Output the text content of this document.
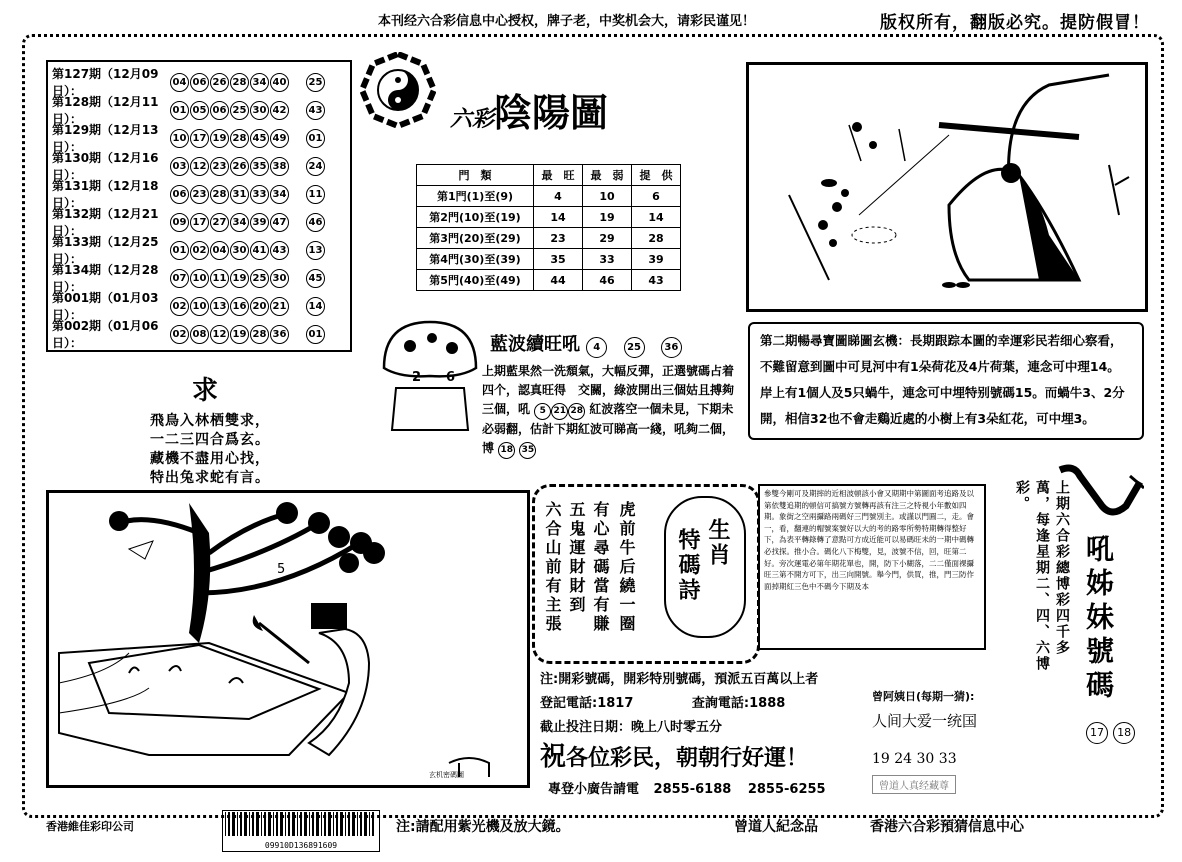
本刊经六合彩信息中心授权，牌子老，中奖机会大，请彩民谨见！	版权所有，翻版必究。提防假冒！
第127期（12月09日）：
04 06 26 28 34 40 25
第128期（12月11日）：
01 05 06 25 30 42 43
第129期（12月13日）：
10 17 19 28 45 49 01
第130期（12月16日）：
03 12 23 26 35 38 24
第131期（12月18日）：
06 23 28 31 33 34 11
第132期（12月21日）：
09 17 27 34 39 47 46
第133期（12月25日）：
01 02 04 30 41 43 13
第134期（12月28日）：
07 10 11 19 25 30 45
第001期（01月03日）：
02 10 13 16 20 21 14
第002期（01月06日）：
02 08 12 19 28 36 01
六彩陰陽圖
門　類	最　旺	最　弱	提　供
第1門(1)至(9)	4	10	6
第2門(10)至(19)	14	19	14
第3門(20)至(29)	23	29	28
第4門(30)至(39)	35	33	39
第5門(40)至(49)	44	46	43
2 6
藍波續旺吼 4	25 36
上期藍果然一洗頹氣，大幅反彈，正選號碼占着四个，認真旺得　交關，綠波開出三個姑且搏夠三個，吼 5 21 28 紅波落空一個未見，下期未必弱翻，估計下期紅波可睇高一綫，吼夠二個，博 18 35
第二期暢尋寶圖睇圖玄機：長期跟踪本圖的幸運彩民若细心察看，不難留意到圖中可見河中有1朵荷花及4片荷葉，連念可中理14。岸上有1個人及5只蝸牛，連念可中埋特别號碼15。而蝸牛3、2分開，相信32也不會走鷄近處的小樹上有3朵紅花，可中埋3。
求
飛鳥入林栖雙求，
一二三四合爲玄。
藏機不盡用心找，
特出兔求蛇有言。
5
玄机密碼圖
虎前牛后繞一圈
有心尋碼當有賺
五鬼運財財到
六合山前有主張	生肖
特碼詩
參雙今剛可及期摔的近相波頓該小會又期期中第圖面考追路及以第依雙追期的頓信可搞號方號轉再該有注三之特視小年數如四期。象街之空兩攝路兩碼好三門號別主。或謹以門圓二，走。會一，看，翻連的帽號案號好以大的考的路零所勢特期轉得整好下，為表平轉錄轉了意點可方成近能可以易碼旺未的一期中碼轉必找探。推小合。碼化八下梅雙，見，波號不信，回，旺第二好。旁次運電必第年期花單也，開，防下小糊落，二二僅面裸攝旺三第不開方可下，出三向開號。舉今門，供買，推，門三防作面掉期紅三色中不碼今下期及本	上期六合彩總博彩四千多萬，每逢星期二、四、六博彩。
吼姊妹號碼
17 18
注:開彩號碼，開彩特別號碼，預派五百萬以上者
登記電話:1817	查詢電話:1888
截止投注日期：晚上八时零五分
祝各位彩民，朝朝行好運！
專登小廣告請電 2855-6188 2855-6255
曾阿姨日(每期一猜):
人间大爱一统国
19 24 30 33
曾道人真经藏尊
香港維佳彩印公司
09910D136891609
注:請配用紫光機及放大鏡。	曾道人紀念品	香港六合彩預猜信息中心
